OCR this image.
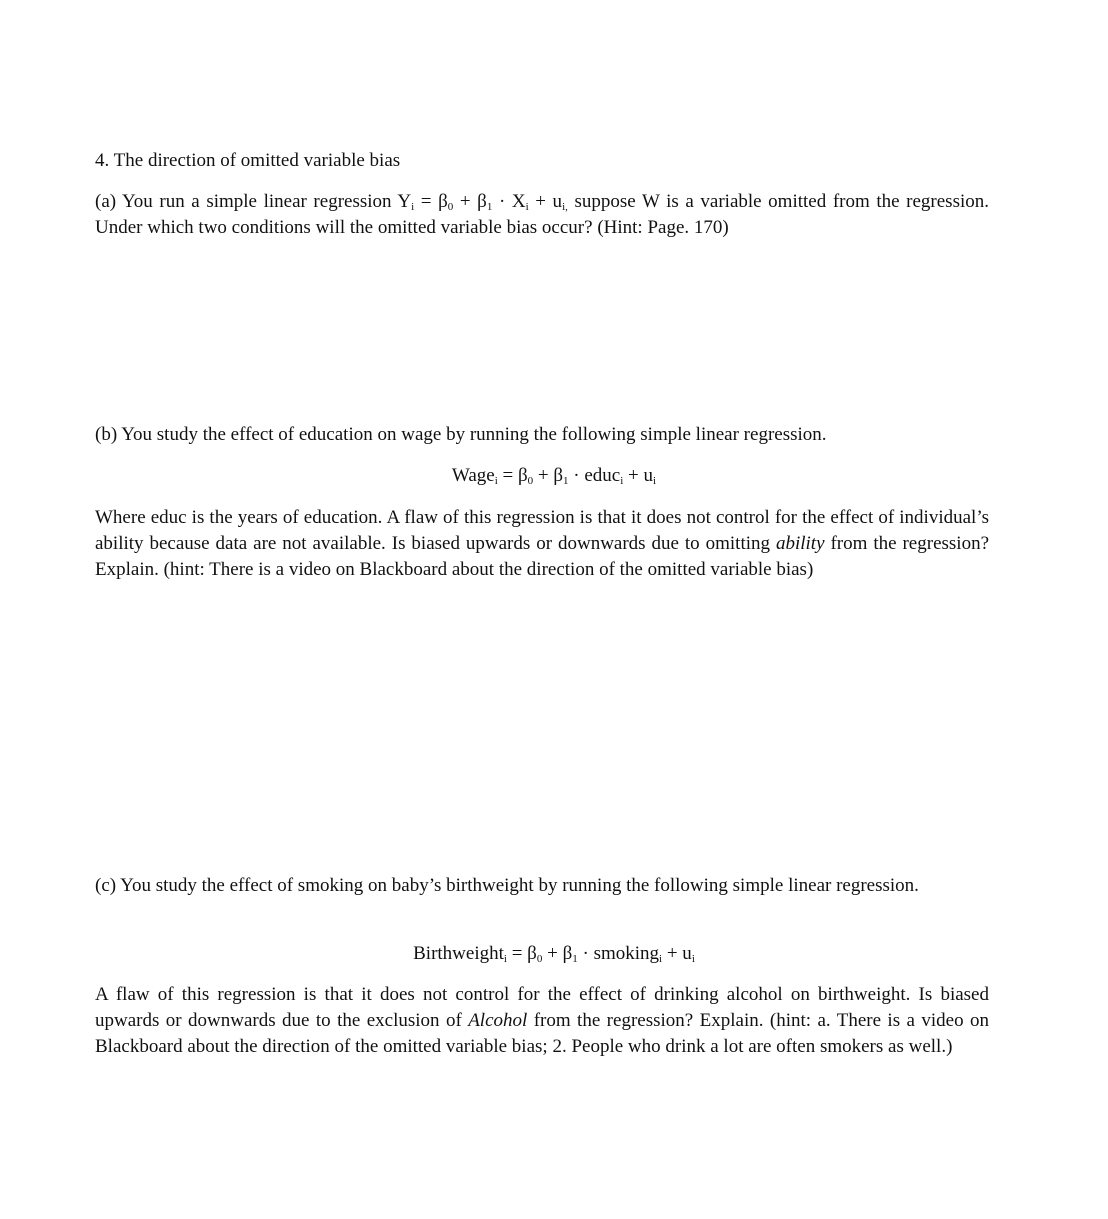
4. The direction of omitted variable bias
(a) You run a simple linear regression $Y_i = \beta_0 + \beta_1 \cdot X_i + u_{i,}$ suppose W is a variable omitted from the regression. Under which two conditions will the omitted variable bias occur? (Hint: Page. 170)
(b) You study the effect of education on wage by running the following simple linear regression.
Wage$_i$ = $\beta_0 + \beta_1$ · educ$_i$ + $u_i$
Where educ is the years of education. A flaw of this regression is that it does not control for the effect of individual’s ability because data are not available. Is biased upwards or downwards due to omitting ability from the regression? Explain. (hint: There is a video on Blackboard about the direction of the omitted variable bias)
(c) You study the effect of smoking on baby’s birthweight by running the following simple linear regression.
Birthweight$_i$ = $\beta_0 + \beta_1$ · smoking$_i$ + $u_i$
A flaw of this regression is that it does not control for the effect of drinking alcohol on birthweight. Is biased upwards or downwards due to the exclusion of Alcohol from the regression? Explain. (hint: a. There is a video on Blackboard about the direction of the omitted variable bias; 2. People who drink a lot are often smokers as well.)
